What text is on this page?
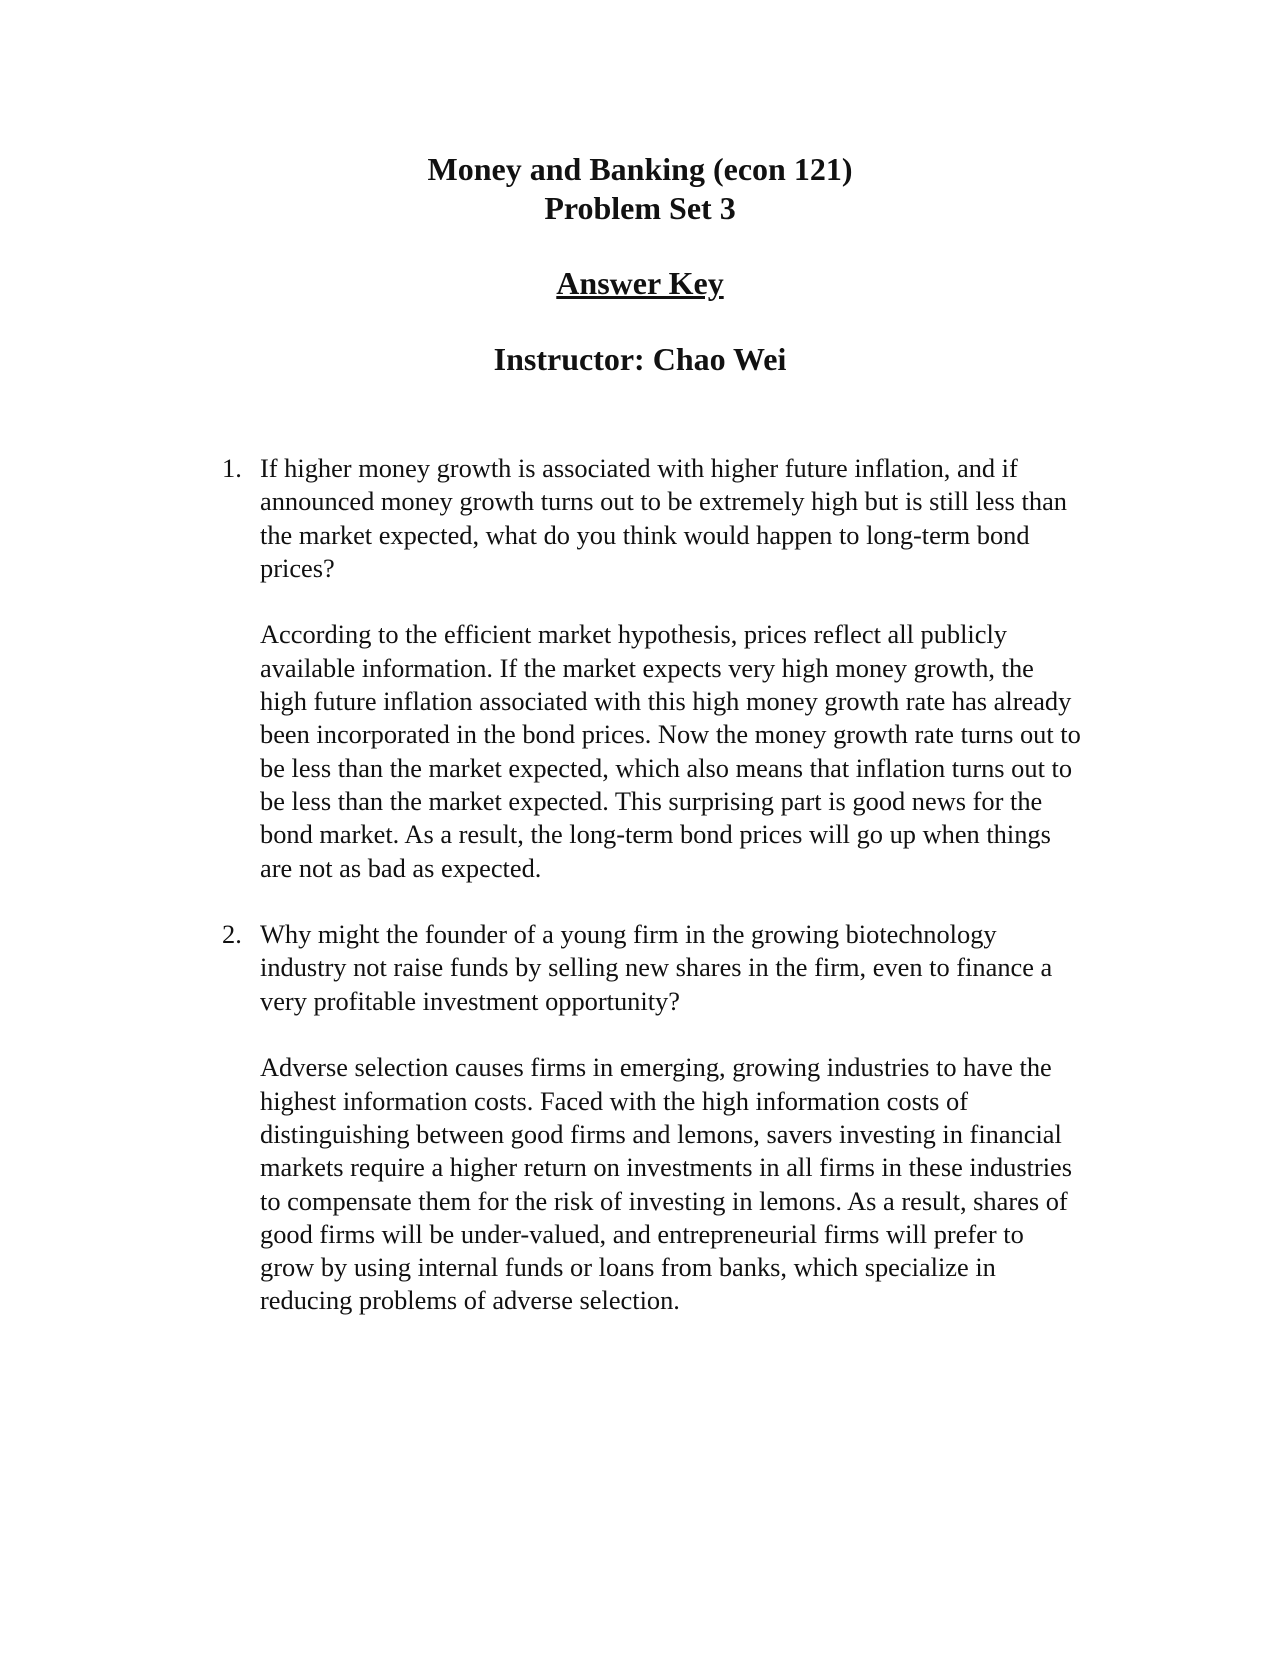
Money and Banking (econ 121)
Problem Set 3
Answer Key
Instructor: Chao Wei
1. If higher money growth is associated with higher future inflation, and if announced money growth turns out to be extremely high but is still less than the market expected, what do you think would happen to long-term bond prices?

According to the efficient market hypothesis, prices reflect all publicly available information. If the market expects very high money growth, the high future inflation associated with this high money growth rate has already been incorporated in the bond prices. Now the money growth rate turns out to be less than the market expected, which also means that inflation turns out to be less than the market expected. This surprising part is good news for the bond market. As a result, the long-term bond prices will go up when things are not as bad as expected.

2. Why might the founder of a young firm in the growing biotechnology industry not raise funds by selling new shares in the firm, even to finance a very profitable investment opportunity?

Adverse selection causes firms in emerging, growing industries to have the highest information costs. Faced with the high information costs of distinguishing between good firms and lemons, savers investing in financial markets require a higher return on investments in all firms in these industries to compensate them for the risk of investing in lemons. As a result, shares of good firms will be under-valued, and entrepreneurial firms will prefer to grow by using internal funds or loans from banks, which specialize in reducing problems of adverse selection.
